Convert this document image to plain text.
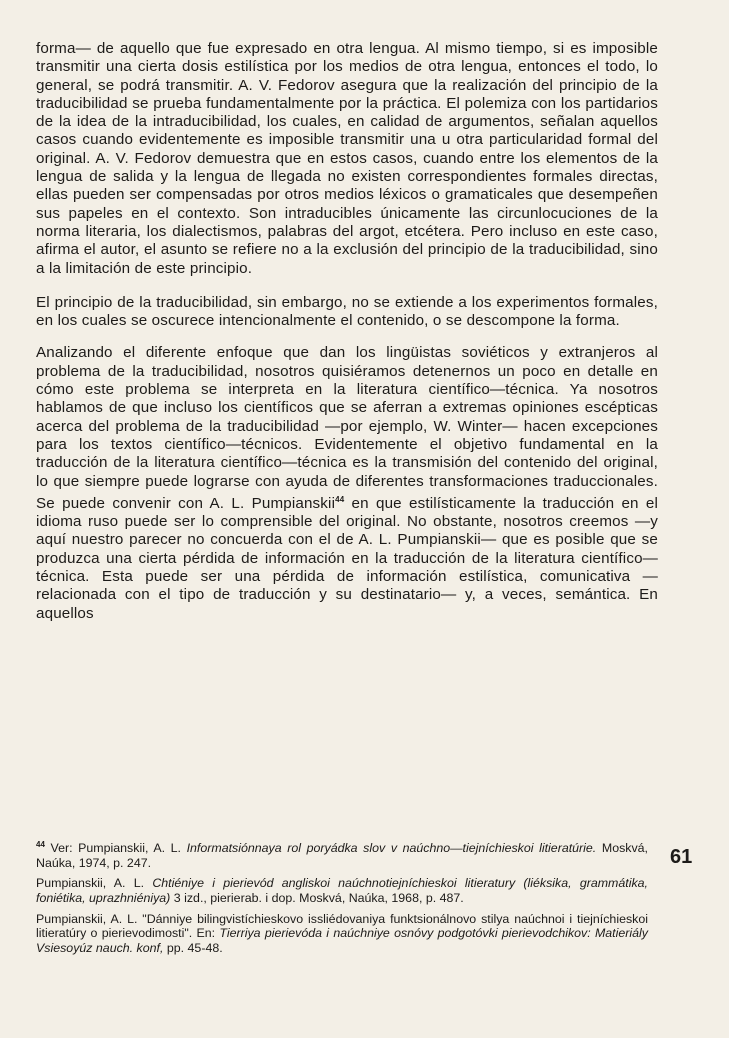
forma— de aquello que fue expresado en otra lengua. Al mismo tiempo, si es imposible transmitir una cierta dosis estilística por los medios de otra lengua, entonces el todo, lo general, se podrá transmitir. A. V. Fedorov asegura que la realización del principio de la traducibilidad se prueba fundamentalmente por la práctica. El polemiza con los partidarios de la idea de la intraducibilidad, los cuales, en calidad de argumentos, señalan aquellos casos cuando evidentemente es imposible transmitir una u otra particularidad formal del original. A. V. Fedorov demuestra que en estos casos, cuando entre los elementos de la lengua de salida y la lengua de llegada no existen correspondientes formales directas, ellas pueden ser compensadas por otros medios léxicos o gramaticales que desempeñen sus papeles en el contexto. Son intraducibles únicamente las circunlocuciones de la norma literaria, los dialectismos, palabras del argot, etcétera. Pero incluso en este caso, afirma el autor, el asunto se refiere no a la exclusión del principio de la traducibilidad, sino a la limitación de este principio.

El principio de la traducibilidad, sin embargo, no se extiende a los experimentos formales, en los cuales se oscurece intencionalmente el contenido, o se descompone la forma.

Analizando el diferente enfoque que dan los lingüistas soviéticos y extranjeros al problema de la traducibilidad, nosotros quisiéramos detenernos un poco en detalle en cómo este problema se interpreta en la literatura científico—técnica. Ya nosotros hablamos de que incluso los científicos que se aferran a extremas opiniones escépticas acerca del problema de la traducibilidad —por ejemplo, W. Winter— hacen excepciones para los textos científico—técnicos. Evidentemente el objetivo fundamental en la traducción de la literatura científico—técnica es la transmisión del contenido del original, lo que siempre puede lograrse con ayuda de diferentes transformaciones traduccionales. Se puede convenir con A. L. Pumpianskii$^{44}$ en que estilísticamente la traducción en el idioma ruso puede ser lo comprensible del original. No obstante, nosotros creemos —y aquí nuestro parecer no concuerda con el de A. L. Pumpianskii— que es posible que se produzca una cierta pérdida de información en la traducción de la literatura científico—técnica. Esta puede ser una pérdida de información estilística, comunicativa —relacionada con el tipo de traducción y su destinatario— y, a veces, semántica. En aquellos

$^{44}$ Ver: Pumpianskii, A. L. Informatsiónnaya rol poryádka slov v naúchno—tiejníchieskoi litieratúrie. Moskvá, Naúka, 1974, p. 247.

Pumpianskii, A. L. Chtiéniye i pierievód angliskoi naúchnotiejníchieskoi litieratury (liéksika, grammátika, foniétika, uprazhniéniya) 3 izd., pierierab. i dop. Moskvá, Naúka, 1968, p. 487.

Pumpianskii, A. L. "Dánniye bilingvistíchieskovo issliédovaniya funktsionálnovo stilya naúchnoi i tiejníchieskoi litieratúry o pierievodimosti". En: Tierriya pierievóda i naúchniye osnóvy podgotóvki pierievodchikov: Matieriály Vsiesoyúz nauch. konf, pp. 45-48.

61
